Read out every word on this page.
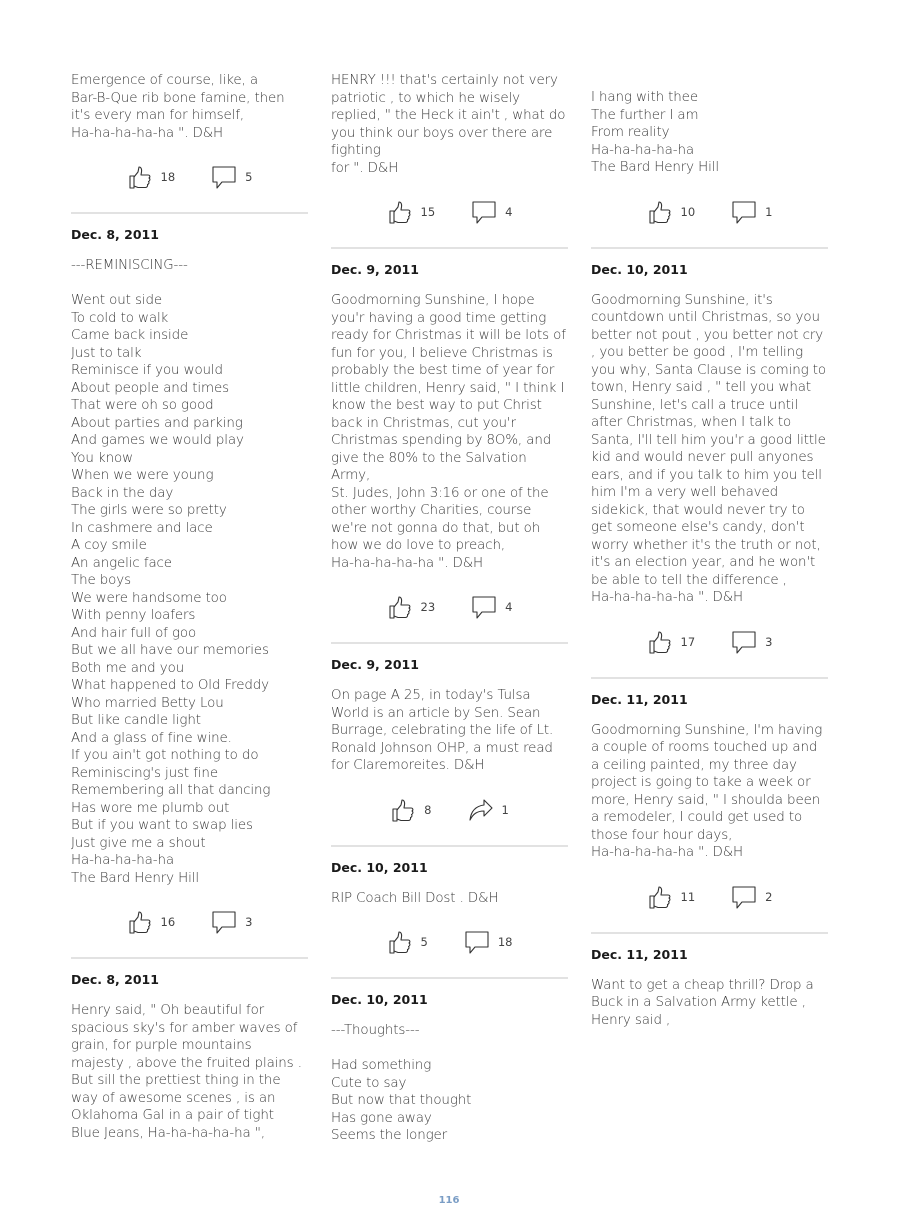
Emergence of course, like, a
Bar-B-Que rib bone famine, then
it's every man for himself,
Ha-ha-ha-ha-ha ". D&H
18	5
Dec. 8, 2011
---REMINISCING---

Went out side
To cold to walk
Came back inside
Just to talk
Reminisce if you would
About people and times
That were oh so good
About parties and parking
And games we would play
You know
When we were young
Back in the day
The girls were so pretty
In cashmere and lace
A coy smile
An angelic face
The boys
We were handsome too
With penny loafers
And hair full of goo
But we all have our memories
Both me and you
What happened to Old Freddy
Who married Betty Lou
But like candle light
And a glass of fine wine.
If you ain't got nothing to do
Reminiscing's just fine
Remembering all that dancing
Has wore me plumb out
But if you want to swap lies
Just give me a shout
Ha-ha-ha-ha-ha
The Bard Henry Hill
16	3
Dec. 8, 2011
Henry said, " Oh beautiful for
spacious sky's for amber waves of
grain, for purple mountains
majesty , above the fruited plains .
But sill the prettiest thing in the
way of awesome scenes , is an
Oklahoma Gal in a pair of tight
Blue Jeans, Ha-ha-ha-ha-ha ",
HENRY !!! that's certainly not very
patriotic , to which he wisely
replied, " the Heck it ain't , what do
you think our boys over there are
fighting
for ". D&H
15	4
Dec. 9, 2011
Goodmorning Sunshine, I hope
you'r having a good time getting
ready for Christmas it will be lots of
fun for you, I believe Christmas is
probably the best time of year for
little children, Henry said, " I think I
know the best way to put Christ
back in Christmas, cut you'r
Christmas spending by 8O%, and
give the 80% to the Salvation Army,
St. Judes, John 3:16 or one of the
other worthy Charities, course
we're not gonna do that, but oh
how we do love to preach,
Ha-ha-ha-ha-ha ". D&H
23	4
Dec. 9, 2011
On page A 25, in today's Tulsa
World is an article by Sen. Sean
Burrage, celebrating the life of Lt.
Ronald Johnson OHP, a must read
for Claremoreites. D&H
8	1
Dec. 10, 2011
RIP Coach Bill Dost . D&H
5	18
Dec. 10, 2011
---Thoughts---

Had something
Cute to say
But now that thought
Has gone away
Seems the longer
I hang with thee
The further I am
From reality
Ha-ha-ha-ha-ha
The Bard Henry Hill
10	1
Dec. 10, 2011
Goodmorning Sunshine, it's
countdown until Christmas, so you
better not pout , you better not cry
, you better be good , I'm telling
you why, Santa Clause is coming to
town, Henry said , " tell you what
Sunshine, let's call a truce until
after Christmas, when I talk to
Santa, I'll tell him you'r a good little
kid and would never pull anyones
ears, and if you talk to him you tell
him I'm a very well behaved
sidekick, that would never try to
get someone else's candy, don't
worry whether it's the truth or not,
it's an election year, and he won't
be able to tell the difference ,
Ha-ha-ha-ha-ha ". D&H
17	3
Dec. 11, 2011
Goodmorning Sunshine, I'm having
a couple of rooms touched up and
a ceiling painted, my three day
project is going to take a week or
more, Henry said, " I shoulda been
a remodeler, I could get used to
those four hour days,
Ha-ha-ha-ha-ha ". D&H
11	2
Dec. 11, 2011
Want to get a cheap thrill? Drop a
Buck in a Salvation Army kettle ,
Henry said ,
116
